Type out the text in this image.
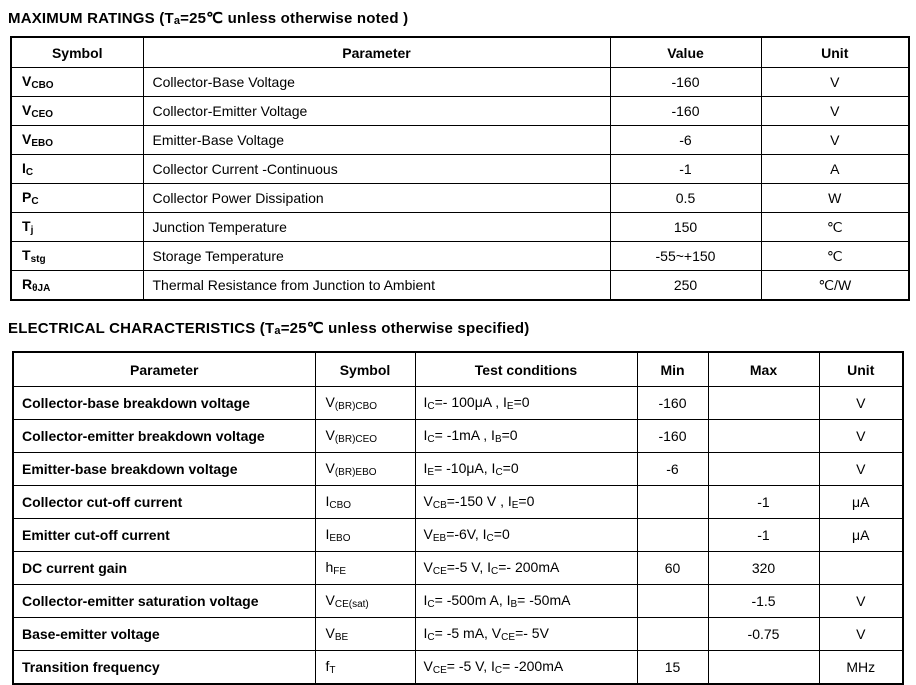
MAXIMUM RATINGS (Ta=25℃ unless otherwise noted )
Symbol	Parameter	Value	Unit
VCBO	Collector-Base Voltage	-160	V
VCEO	Collector-Emitter Voltage	-160	V
VEBO	Emitter-Base Voltage	-6	V
IC	Collector Current -Continuous	-1	A
PC	Collector Power Dissipation	0.5	W
Tj	Junction Temperature	150	℃
Tstg	Storage Temperature	-55~+150	℃
RθJA	Thermal Resistance from Junction to Ambient	250	℃/W
ELECTRICAL CHARACTERISTICS (Ta=25℃ unless otherwise specified)
Parameter	Symbol	Test conditions	Min	Max	Unit
Collector-base breakdown voltage	V(BR)CBO	IC=- 100μA , IE=0	-160		V
Collector-emitter breakdown voltage	V(BR)CEO	IC= -1mA , IB=0	-160		V
Emitter-base breakdown voltage	V(BR)EBO	IE= -10μA, IC=0	-6		V
Collector cut-off current	ICBO	VCB=-150 V , IE=0		-1	μA
Emitter cut-off current	IEBO	VEB=-6V, IC=0		-1	μA
DC current gain	hFE	VCE=-5 V, IC=- 200mA	60	320	
Collector-emitter saturation voltage	VCE(sat)	IC= -500m A, IB= -50mA		-1.5	V
Base-emitter voltage	VBE	IC= -5 mA, VCE=- 5V		-0.75	V
Transition frequency	fT	VCE= -5 V, IC= -200mA	15		MHz
